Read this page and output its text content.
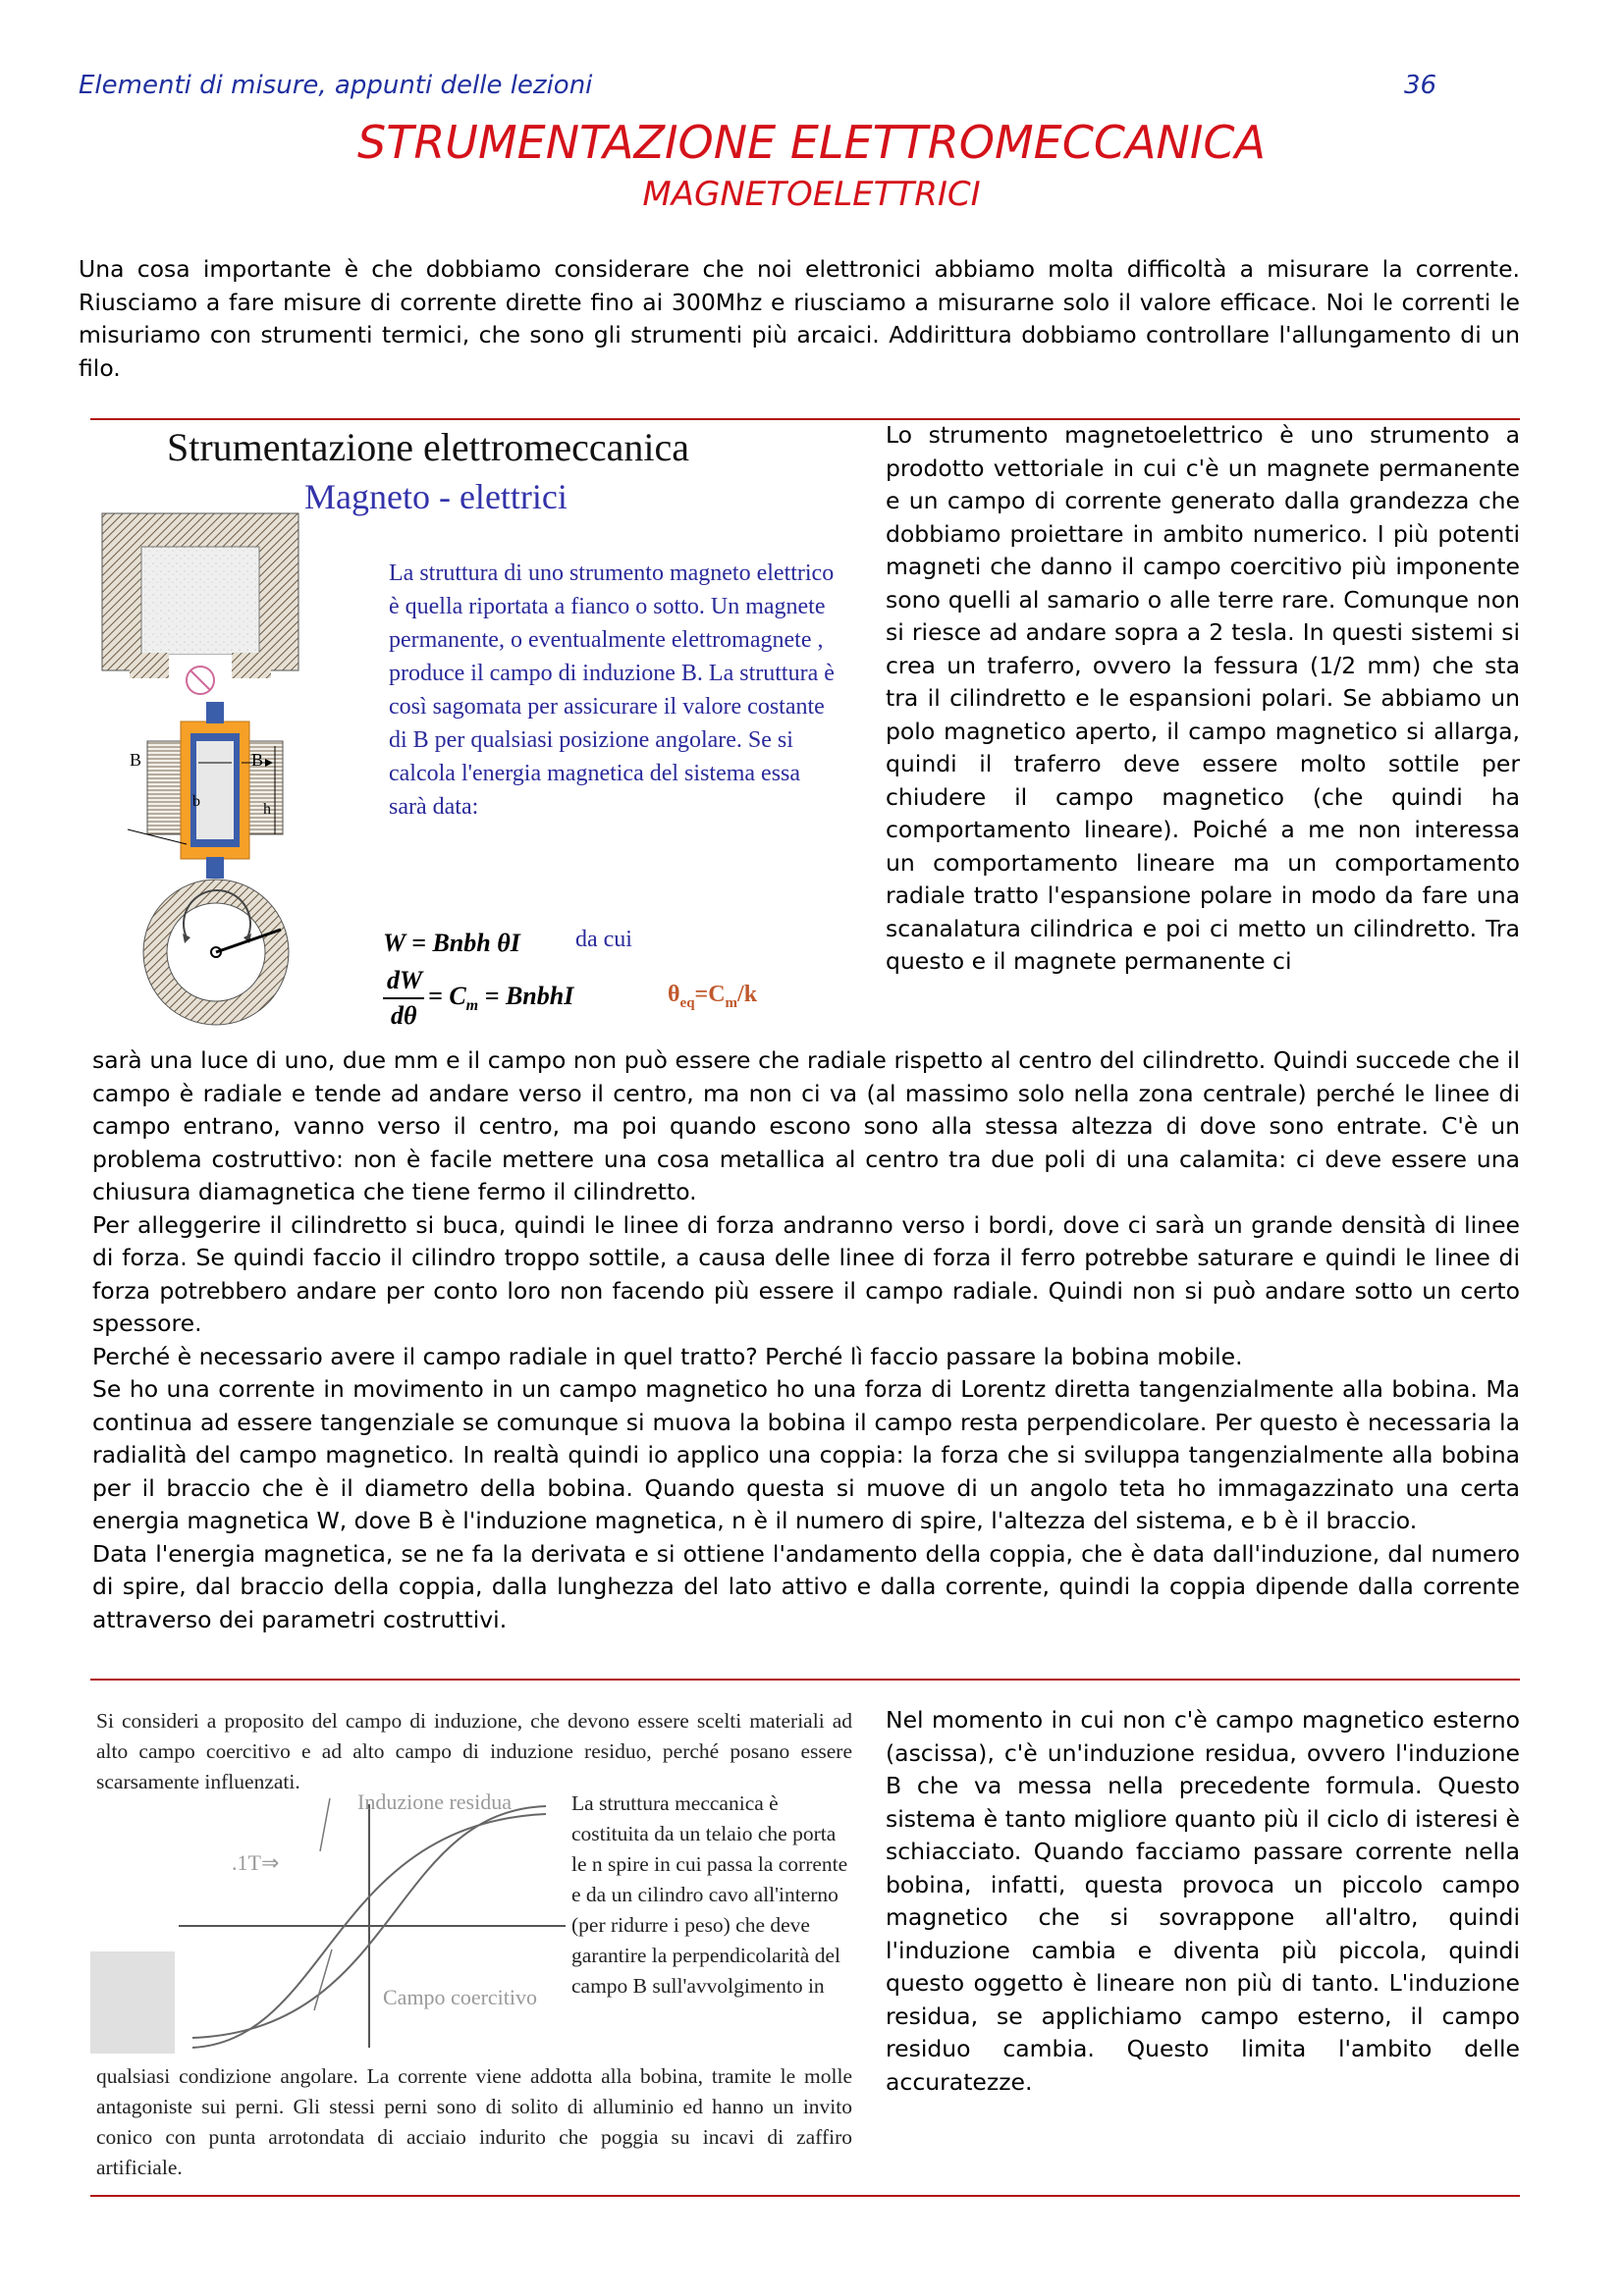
Elementi di misure, appunti delle lezioni	36
STRUMENTAZIONE ELETTROMECCANICA
MAGNETOELETTRICI

Una cosa importante è che dobbiamo considerare che noi elettronici abbiamo molta difficoltà a misurare la corrente. Riusciamo a fare misure di corrente dirette fino ai 300Mhz e riusciamo a misurarne solo il valore efficace. Noi le correnti le misuriamo con strumenti termici, che sono gli strumenti più arcaici. Addirittura dobbiamo controllare l'allungamento di un filo.

Strumentazione elettromeccanica
Magneto - elettrici
B	B
b	h
La struttura di uno strumento magneto elettrico è quella riportata a fianco o sotto. Un magnete permanente, o eventualmente elettromagnete , produce il campo di induzione B. La struttura è così sagomata per assicurare il valore costante di B per qualsiasi posizione angolare. Se si calcola l'energia magnetica del sistema essa sarà data:
W = Bnbh θI da cui
dW
dθ
= $C_m$ = BnbhI	$\theta_{eq}=C_m/k$

Lo strumento magnetoelettrico è uno strumento a prodotto vettoriale in cui c'è un magnete permanente e un campo di corrente generato dalla grandezza che dobbiamo proiettare in ambito numerico. I più potenti magneti che danno il campo coercitivo più imponente sono quelli al samario o alle terre rare. Comunque non si riesce ad andare sopra a 2 tesla. In questi sistemi si crea un traferro, ovvero la fessura (1/2 mm) che sta tra il cilindretto e le espansioni polari. Se abbiamo un polo magnetico aperto, il campo magnetico si allarga, quindi il traferro deve essere molto sottile per chiudere il campo magnetico (che quindi ha comportamento lineare). Poiché a me non interessa un comportamento lineare ma un comportamento radiale tratto l'espansione polare in modo da fare una scanalatura cilindrica e poi ci metto un cilindretto. Tra questo e il magnete permanente ci

sarà una luce di uno, due mm e il campo non può essere che radiale rispetto al centro del cilindretto. Quindi succede che il campo è radiale e tende ad andare verso il centro, ma non ci va (al massimo solo nella zona centrale) perché le linee di campo entrano, vanno verso il centro, ma poi quando escono sono alla stessa altezza di dove sono entrate. C'è un problema costruttivo: non è facile mettere una cosa metallica al centro tra due poli di una calamita: ci deve essere una chiusura diamagnetica che tiene fermo il cilindretto.

Per alleggerire il cilindretto si buca, quindi le linee di forza andranno verso i bordi, dove ci sarà un grande densità di linee di forza. Se quindi faccio il cilindro troppo sottile, a causa delle linee di forza il ferro potrebbe saturare e quindi le linee di forza potrebbero andare per conto loro non facendo più essere il campo radiale. Quindi non si può andare sotto un certo spessore.

Perché è necessario avere il campo radiale in quel tratto? Perché lì faccio passare la bobina mobile.

Se ho una corrente in movimento in un campo magnetico ho una forza di Lorentz diretta tangenzialmente alla bobina. Ma continua ad essere tangenziale se comunque si muova la bobina il campo resta perpendicolare. Per questo è necessaria la radialità del campo magnetico. In realtà quindi io applico una coppia: la forza che si sviluppa tangenzialmente alla bobina per il braccio che è il diametro della bobina. Quando questa si muove di un angolo teta ho immagazzinato una certa energia magnetica W, dove B è l'induzione magnetica, n è il numero di spire, l'altezza del sistema, e b è il braccio.

Data l'energia magnetica, se ne fa la derivata e si ottiene l'andamento della coppia, che è data dall'induzione, dal numero di spire, dal braccio della coppia, dalla lunghezza del lato attivo e dalla corrente, quindi la coppia dipende dalla corrente attraverso dei parametri costruttivi.

Si consideri a proposito del campo di induzione, che devono essere scelti materiali ad alto campo coercitivo e ad alto campo di induzione residuo, perché posano essere scarsamente influenzati.
Induzione residua
.1T⇒
Campo coercitivo
La struttura meccanica è costituita da un telaio che porta le n spire in cui passa la corrente e da un cilindro cavo all'interno (per ridurre i peso) che deve garantire la perpendicolarità del campo B sull'avvolgimento in
qualsiasi condizione angolare. La corrente viene addotta alla bobina, tramite le molle antagoniste sui perni. Gli stessi perni sono di solito di alluminio ed hanno un invito conico con punta arrotondata di acciaio indurito che poggia su incavi di zaffiro artificiale.

Nel momento in cui non c'è campo magnetico esterno (ascissa), c'è un'induzione residua, ovvero l'induzione B che va messa nella precedente formula. Questo sistema è tanto migliore quanto più il ciclo di isteresi è schiacciato. Quando facciamo passare corrente nella bobina, infatti, questa provoca un piccolo campo magnetico che si sovrappone all'altro, quindi l'induzione cambia e diventa più piccola, quindi questo oggetto è lineare non più di tanto. L'induzione residua, se applichiamo campo esterno, il campo residuo cambia. Questo limita l'ambito delle accuratezze.
